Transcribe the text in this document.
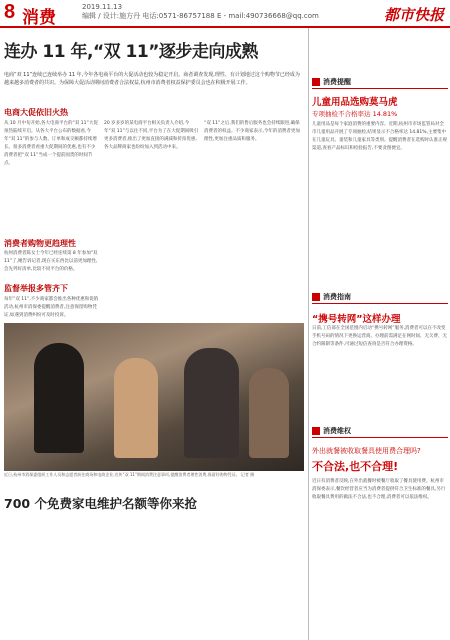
8 消费
2019.11.13
编辑 / 设计:施方丹 电话:0571-86757188 E - mail:490736668@qq.com	都市快报
连办 11 年,“双 11”逐步走向成熟
电商“双 11”连续已连续举办 11 年,今年各电商平台的大促活动也较为稳定开启。商者调查发现,理性、有计划地过这个购物节已经成为越来越多消费者的共识。为保障大促活动期间消费者合法权益,杭州市消费者权益保护委员会也在积极开展工作。
电商大促依旧火热
从 10 月中旬开始,各大电商平台的“双 11”大促预热陆续开启。从各大平台公布的数据看,今年“双 11”的参与人数、订单和成交额都持续增长。很多消费者看重大促期间的优惠,也有不少消费者把“双 11”当成一个提前囤货的时间节点。
20 岁多岁的某电商平台相关负责人介绍,今年“双 11”与以往不同,平台为了在大促期间吸引更多消费者,推出了更加直接的满减和折扣优惠,各大品牌商家也纷纷加入到活动中来。
“双 11”之后,我们的售后服务也会持续跟进,确保消费者的权益。不少商家表示,今年的消费者更加理性,更加注重品质和服务。
消费者购物更趋理性
杭州消费者陈女士今年已经连续第 8 年参加“双 11”了,她告诉记者,现在买东西比以前更加理性,会先列好清单,比较不同平台的价格。
监督举报多管齐下
每年“双 11”,不少商家都会推出各种优惠和促销活动,杭州市消保委提醒消费者,注意保留购物凭证,如遇到消费纠纷可及时投诉。
近日,杭州市消保委组织工作人员和志愿者前往商场和电商企业,宣传“双 11”期间消费注意事项,提醒消费者理性消费,保留好购物凭证。 记者 摄
700 个免费家电维护名额等你来抢
消费提醒
儿童用品选购莫马虎
专项抽检不合格率达 14.81%
儿童用品是每个家庭消费的重要内容。近期,杭州市市场监管局对全市儿童用品开展了专项抽检,结果显示不合格率达 14.81%,主要集中在儿童玩具、童装和儿童家具等类别。提醒消费者在选购时认准正规渠道,查看产品标识和检验报告,不要贪图便宜。
消费指南
“携号转网”这样办理
日前,工信部在全国范围内启动“携号转网”服务,消费者可以在不改变手机号码的情况下更换运营商。办理前需满足在网时间、无欠费、无合约限制等条件,可通过短信查询是否符合办理资格。
消费维权
外出就餐被收取餐具使用费合理吗?
不合法,也不合理!
近日有消费者反映,在外出就餐时被餐厅收取了餐具使用费。杭州市消保委表示,餐饮经营者应当为消费者提供符合卫生标准的餐具,另行收取餐具费用的做法不合法,也不合理,消费者可以依法维权。
